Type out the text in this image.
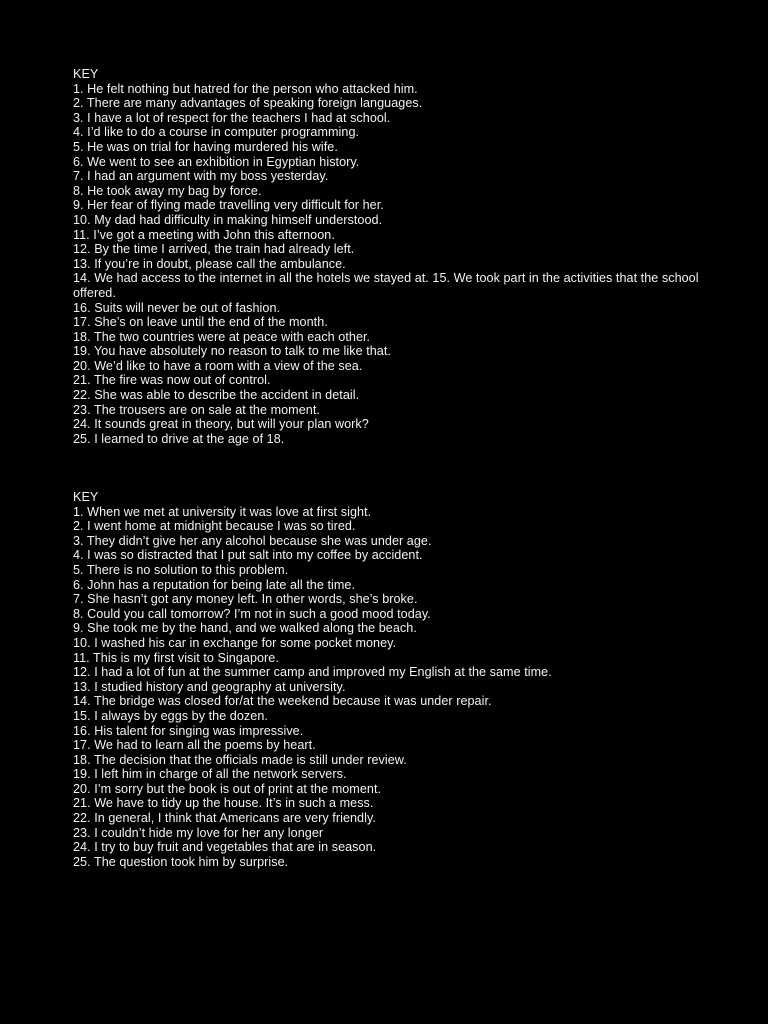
KEY
1. He felt nothing but hatred for the person who attacked him.
2. There are many advantages of speaking foreign languages.
3. I have a lot of respect for the teachers I had at school.
4. I’d like to do a course in computer programming.
5. He was on trial for having murdered his wife.
6. We went to see an exhibition in Egyptian history.
7. I had an argument with my boss yesterday.
8. He took away my bag by force.
9. Her fear of flying made travelling very difficult for her.
10. My dad had difficulty in making himself understood.
11. I’ve got a meeting with John this afternoon.
12. By the time I arrived, the train had already left.
13. If you’re in doubt, please call the ambulance.
14. We had access to the internet in all the hotels we stayed at. 15. We took part in the activities that the school offered.
16. Suits will never be out of fashion.
17. She’s on leave until the end of the month.
18. The two countries were at peace with each other.
19. You have absolutely no reason to talk to me like that.
20. We’d like to have a room with a view of the sea.
21. The fire was now out of control.
22. She was able to describe the accident in detail.
23. The trousers are on sale at the moment.
24. It sounds great in theory, but will your plan work?
25. I learned to drive at the age of 18.
KEY
1. When we met at university it was love at first sight.
2. I went home at midnight because I was so tired.
3. They didn’t give her any alcohol because she was under age.
4. I was so distracted that I put salt into my coffee by accident.
5. There is no solution to this problem.
6. John has a reputation for being late all the time.
7. She hasn’t got any money left. In other words, she’s broke.
8. Could you call tomorrow? I’m not in such a good mood today.
9. She took me by the hand, and we walked along the beach.
10. I washed his car in exchange for some pocket money.
11. This is my first visit to Singapore.
12. I had a lot of fun at the summer camp and improved my English at the same time.
13. I studied history and geography at university.
14. The bridge was closed for/at the weekend because it was under repair.
15. I always by eggs by the dozen.
16. His talent for singing was impressive.
17. We had to learn all the poems by heart.
18. The decision that the officials made is still under review.
19. I left him in charge of all the network servers.
20. I’m sorry but the book is out of print at the moment.
21. We have to tidy up the house. It’s in such a mess.
22. In general, I think that Americans are very friendly.
23. I couldn’t hide my love for her any longer
24. I try to buy fruit and vegetables that are in season.
25. The question took him by surprise.
